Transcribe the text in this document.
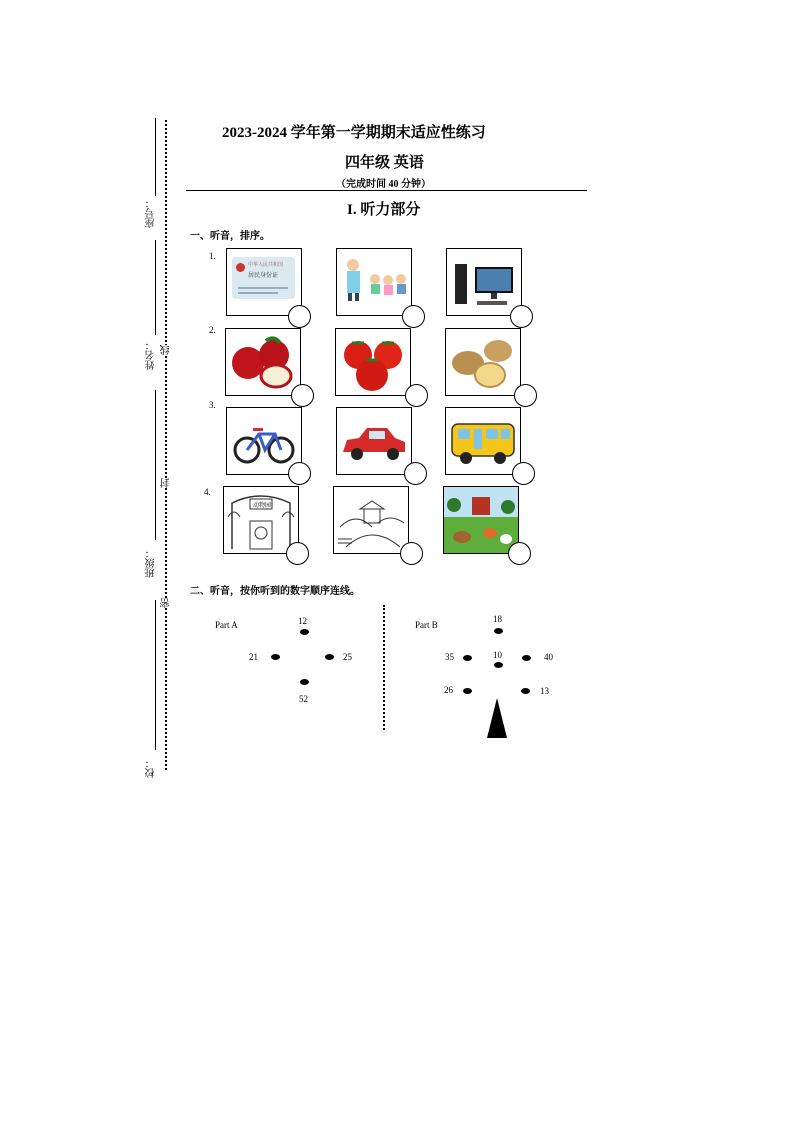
座号：
姓名：
班级：
校：
线
封
密
2023-2024 学年第一学期期末适应性练习
四年级 英语
（完成时间 40 分钟）
I. 听力部分
一、听音，排序。
1.
中华人民共和国
居民身份证
2.
3.
4.
动物园
二、听音，按你听到的数字顺序连线。
Part A	12
21	25
52
Part B
18
35	10	40
26	13
